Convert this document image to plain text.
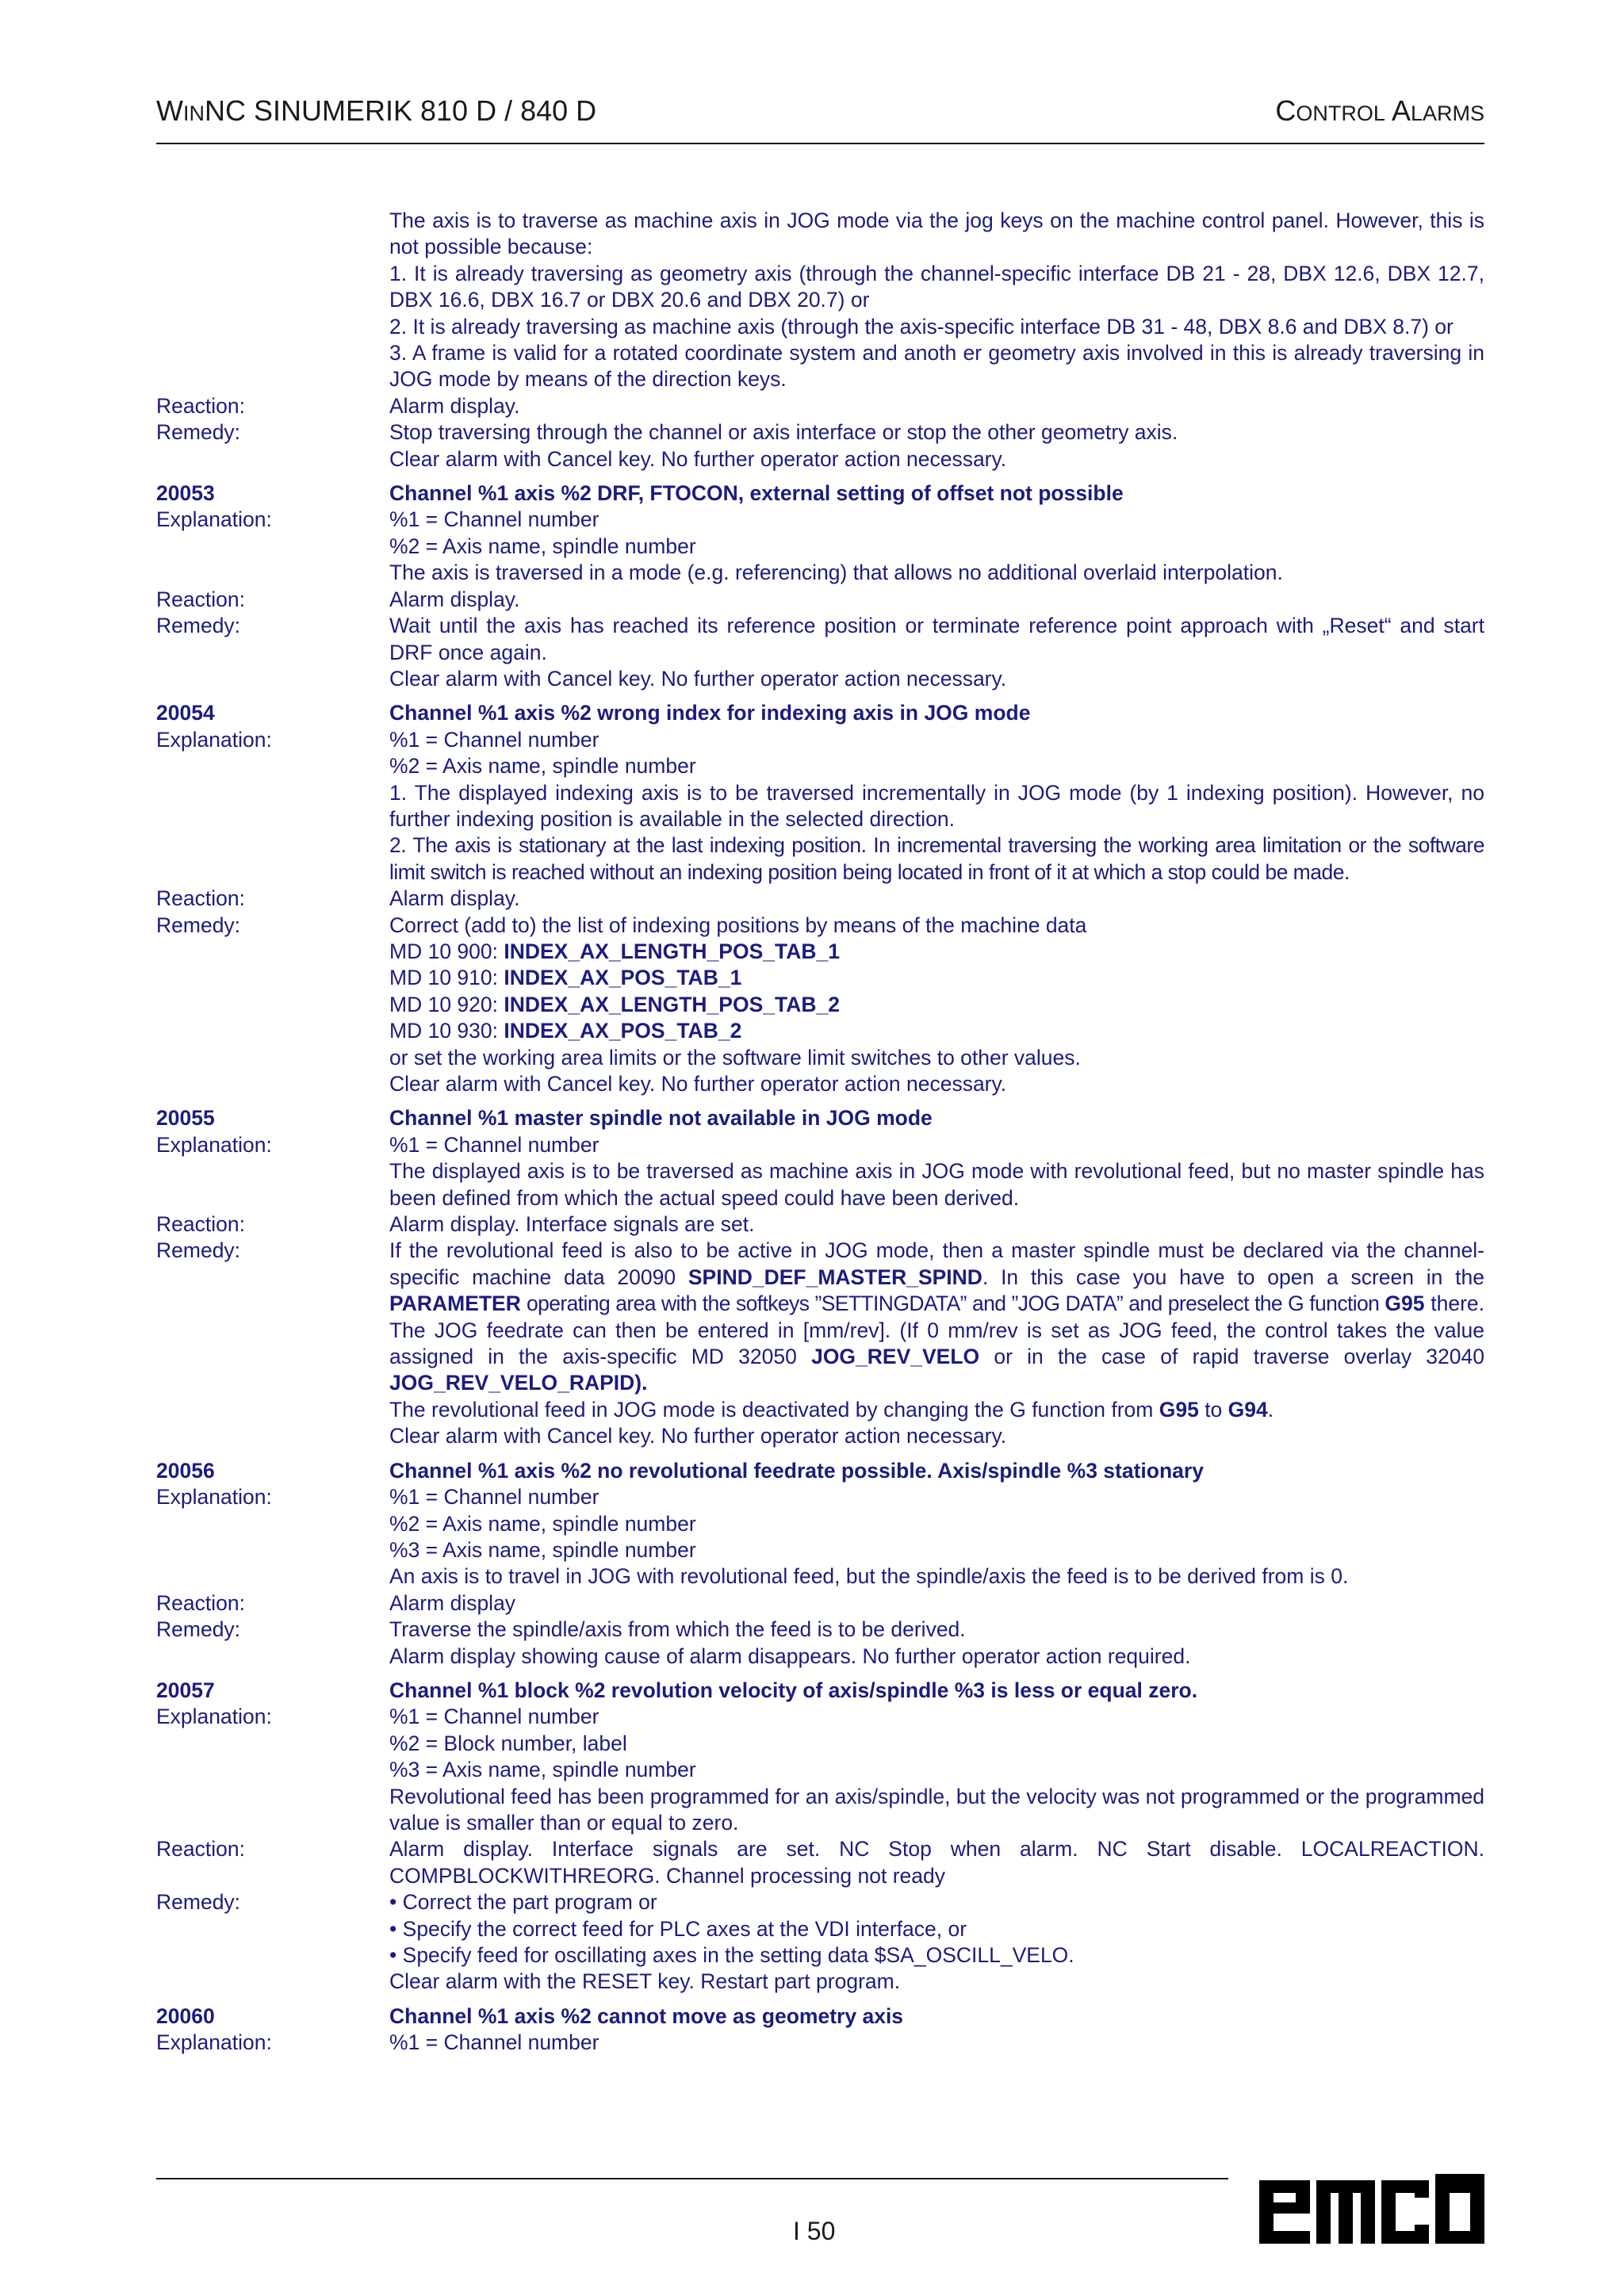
WINNC SINUMERIK 810 D / 840 D	CONTROL ALARMS
The axis is to traverse as machine axis in JOG mode via the jog keys on the machine control panel. However, this is not possible because:
1. It is already traversing as geometry axis (through the channel-specific interface DB 21 - 28, DBX 12.6, DBX 12.7, DBX 16.6, DBX 16.7 or DBX 20.6 and DBX 20.7) or
2. It is already traversing as machine axis (through the axis-specific interface DB 31 - 48, DBX 8.6 and DBX 8.7) or
3. A frame is valid for a rotated coordinate system and anoth er geometry axis involved in this is already traversing in JOG mode by means of the direction keys.
Reaction:	Alarm display.
Remedy:	Stop traversing through the channel or axis interface or stop the other geometry axis.
Clear alarm with Cancel key. No further operator action necessary.
20053	Channel %1 axis %2 DRF, FTOCON, external setting of offset not possible
Explanation:	%1 = Channel number
%2 = Axis name, spindle number
The axis is traversed in a mode (e.g. referencing) that allows no additional overlaid interpolation.
Reaction:	Alarm display.
Remedy:	Wait until the axis has reached its reference position or terminate reference point approach with „Reset“ and start DRF once again.
Clear alarm with Cancel key. No further operator action necessary.
20054	Channel %1 axis %2 wrong index for indexing axis in JOG mode
Explanation:	%1 = Channel number
%2 = Axis name, spindle number
1. The displayed indexing axis is to be traversed incrementally in JOG mode (by 1 indexing position). However, no further indexing position is available in the selected direction.
2. The axis is stationary at the last indexing position. In incremental traversing the working area limitation or the software limit switch is reached without an indexing position being located in front of it at which a stop could be made.
Reaction:	Alarm display.
Remedy:	Correct (add to) the list of indexing positions by means of the machine data
MD 10 900: INDEX_AX_LENGTH_POS_TAB_1
MD 10 910: INDEX_AX_POS_TAB_1
MD 10 920: INDEX_AX_LENGTH_POS_TAB_2
MD 10 930: INDEX_AX_POS_TAB_2
or set the working area limits or the software limit switches to other values.
Clear alarm with Cancel key. No further operator action necessary.
20055	Channel %1 master spindle not available in JOG mode
Explanation:	%1 = Channel number
The displayed axis is to be traversed as machine axis in JOG mode with revolutional feed, but no master spindle has been defined from which the actual speed could have been derived.
Reaction:	Alarm display. Interface signals are set.
Remedy:	If the revolutional feed is also to be active in JOG mode, then a master spindle must be declared via the channel-specific machine data 20090 SPIND_DEF_MASTER_SPIND. In this case you have to open a screen in the PARAMETER operating area with the softkeys ”SETTINGDATA” and ”JOG DATA” and preselect the G function G95 there. The JOG feedrate can then be entered in [mm/rev]. (If 0 mm/rev is set as JOG feed, the control takes the value assigned in the axis-specific MD 32050 JOG_REV_VELO or in the case of rapid traverse overlay 32040 JOG_REV_VELO_RAPID).
The revolutional feed in JOG mode is deactivated by changing the G function from G95 to G94.
Clear alarm with Cancel key. No further operator action necessary.
20056	Channel %1 axis %2 no revolutional feedrate possible. Axis/spindle %3 stationary
Explanation:	%1 = Channel number
%2 = Axis name, spindle number
%3 = Axis name, spindle number
An axis is to travel in JOG with revolutional feed, but the spindle/axis the feed is to be derived from is 0.
Reaction:	Alarm display
Remedy:	Traverse the spindle/axis from which the feed is to be derived.
Alarm display showing cause of alarm disappears. No further operator action required.
20057	Channel %1 block %2 revolution velocity of axis/spindle %3 is less or equal zero.
Explanation:	%1 = Channel number
%2 = Block number, label
%3 = Axis name, spindle number
Revolutional feed has been programmed for an axis/spindle, but the velocity was not programmed or the programmed value is smaller than or equal to zero.
Reaction:	Alarm display. Interface signals are set. NC Stop when alarm. NC Start disable. LOCALREACTION. COMPBLOCKWITHREORG. Channel processing not ready
Remedy:	• Correct the part program or
• Specify the correct feed for PLC axes at the VDI interface, or
• Specify feed for oscillating axes in the setting data $SA_OSCILL_VELO.
Clear alarm with the RESET key. Restart part program.
20060	Channel %1 axis %2 cannot move as geometry axis
Explanation:	%1 = Channel number
I 50
